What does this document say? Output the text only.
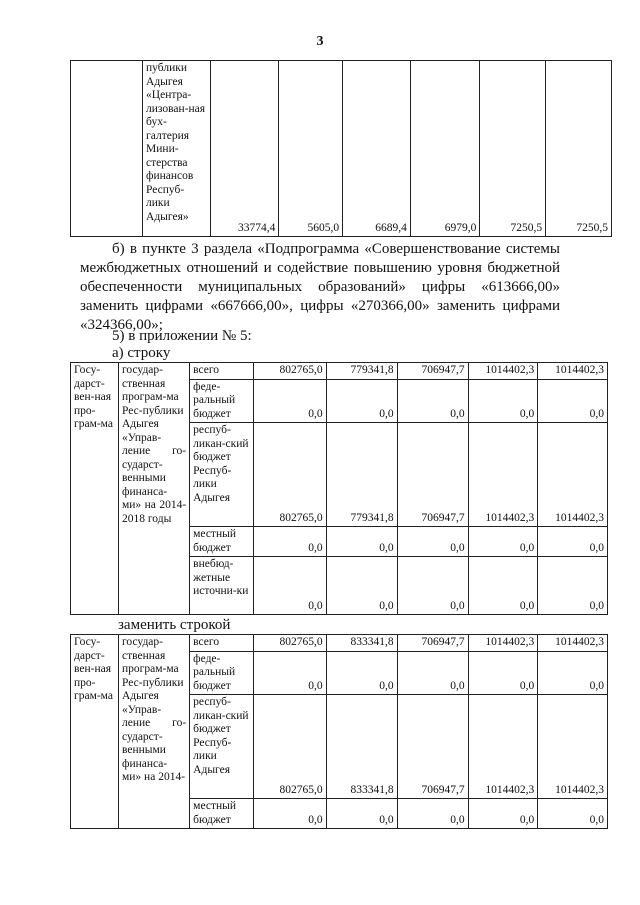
3
	публики Адыгея «Центра-лизован-ная бух-галтерия Мини-стерства финансов Респуб-лики Адыгея»	33774,4	5605,0	6689,4	6979,0	7250,5	7250,5
б) в пункте 3 раздела «Подпрограмма «Совершенствование системы межбюджетных отношений и содействие повышению уровня бюджетной обеспеченности муниципальных образований» цифры «613666,00» заменить цифрами «667666,00», цифры «270366,00» заменить цифрами «324366,00»;
5) в приложении № 5:
а) строку
Госу-дарст-вен-ная про-грам-ма	государ-ственная програм-ма Рес-публики Адыгея «Управ-ление го-сударст-венными финанса-ми» на 2014-2018 годы	всего	802765,0	779341,8	706947,7	1014402,3	1014402,3
		феде-ральный бюджет	0,0	0,0	0,0	0,0	0,0
		респуб-ликан-ский бюджет Респуб-лики Адыгея	802765,0	779341,8	706947,7	1014402,3	1014402,3
		местный бюджет	0,0	0,0	0,0	0,0	0,0
		внебюд-жетные источни-ки	0,0	0,0	0,0	0,0	0,0
заменить строкой
Госу-дарст-вен-ная про-грам-ма	государ-ственная програм-ма Рес-публики Адыгея «Управ-ление го-сударст-венными финанса-ми» на 2014-	всего	802765,0	833341,8	706947,7	1014402,3	1014402,3
		феде-ральный бюджет	0,0	0,0	0,0	0,0	0,0
		респуб-ликан-ский бюджет Респуб-лики Адыгея	802765,0	833341,8	706947,7	1014402,3	1014402,3
		местный бюджет	0,0	0,0	0,0	0,0	0,0
